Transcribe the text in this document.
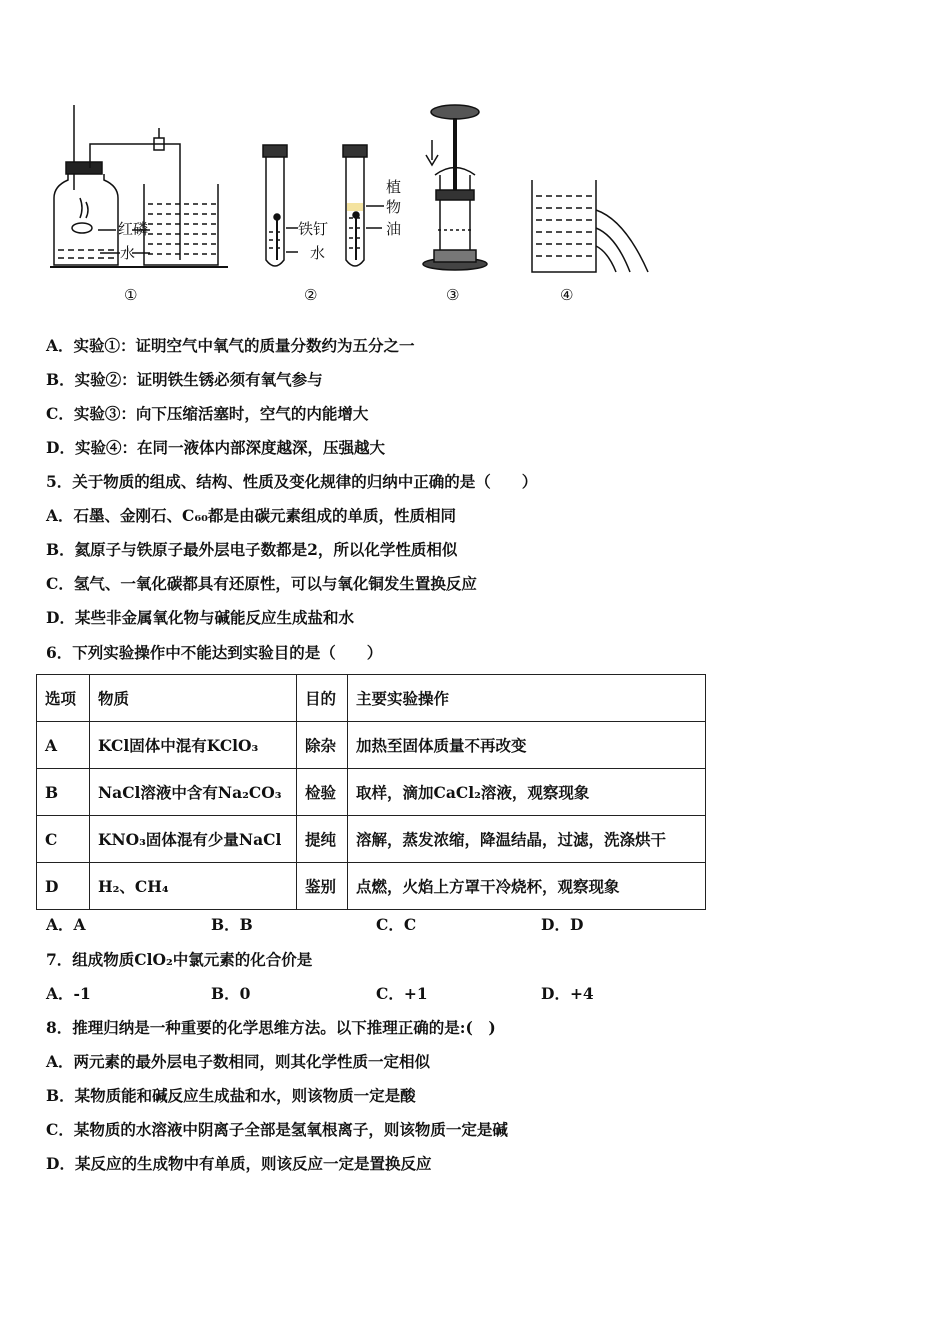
红磷
水
铁钉
水
植
物
油
①	②	③	④
A．实验①：证明空气中氧气的质量分数约为五分之一
B．实验②：证明铁生锈必须有氧气参与
C．实验③：向下压缩活塞时，空气的内能增大
D．实验④：在同一液体内部深度越深，压强越大
5．关于物质的组成、结构、性质及变化规律的归纳中正确的是（　　）
A．石墨、金刚石、C₆₀都是由碳元素组成的单质，性质相同
B．氦原子与铁原子最外层电子数都是2，所以化学性质相似
C．氢气、一氧化碳都具有还原性，可以与氧化铜发生置换反应
D．某些非金属氧化物与碱能反应生成盐和水
6．下列实验操作中不能达到实验目的是（　　）
选项	物质	目的	主要实验操作
A	KCl固体中混有KClO₃	除杂	加热至固体质量不再改变
B	NaCl溶液中含有Na₂CO₃	检验	取样，滴加CaCl₂溶液，观察现象
C	KNO₃固体混有少量NaCl	提纯	溶解，蒸发浓缩，降温结晶，过滤，洗涤烘干
D	H₂、CH₄	鉴别	点燃，火焰上方罩干冷烧杯，观察现象
A．A	B．B	C．C	D．D
7．组成物质ClO₂中氯元素的化合价是
A．-1	B．0	C．+1	D．+4
8．推理归纳是一种重要的化学思维方法。以下推理正确的是:(　)
A．两元素的最外层电子数相同，则其化学性质一定相似
B．某物质能和碱反应生成盐和水，则该物质一定是酸
C．某物质的水溶液中阴离子全部是氢氧根离子，则该物质一定是碱
D．某反应的生成物中有单质，则该反应一定是置换反应
